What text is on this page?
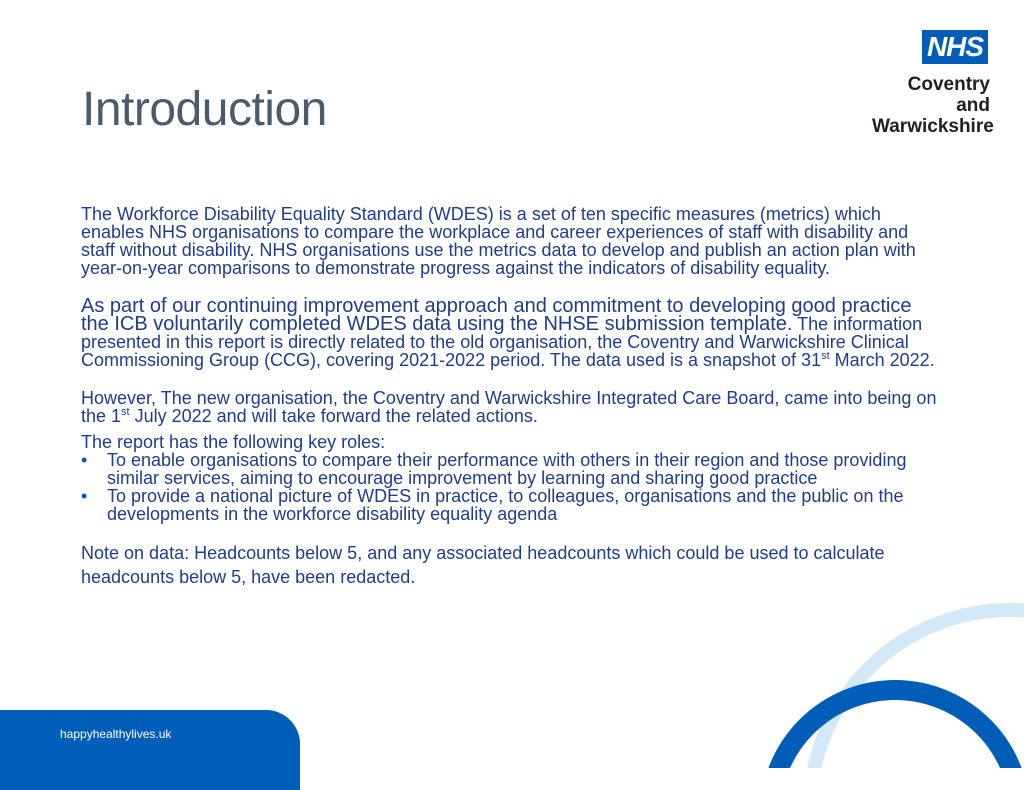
Introduction
NHS
Coventry and
Warwickshire

The Workforce Disability Equality Standard (WDES) is a set of ten specific measures (metrics) which enables NHS organisations to compare the workplace and career experiences of staff with disability and staff without disability. NHS organisations use the metrics data to develop and publish an action plan with year-on-year comparisons to demonstrate progress against the indicators of disability equality.

As part of our continuing improvement approach and commitment to developing good practice the ICB voluntarily completed WDES data using the NHSE submission template. The information presented in this report is directly related to the old organisation, the Coventry and Warwickshire Clinical Commissioning Group (CCG), covering 2021-2022 period. The data used is a snapshot of 31st March 2022.

However, The new organisation, the Coventry and Warwickshire Integrated Care Board, came into being on the 1st July 2022 and will take forward the related actions.

The report has the following key roles:

• To enable organisations to compare their performance with others in their region and those providing similar services, aiming to encourage improvement by learning and sharing good practice
• To provide a national picture of WDES in practice, to colleagues, organisations and the public on the developments in the workforce disability equality agenda

Note on data: Headcounts below 5, and any associated headcounts which could be used to calculate headcounts below 5, have been redacted.

happyhealthylives.uk
